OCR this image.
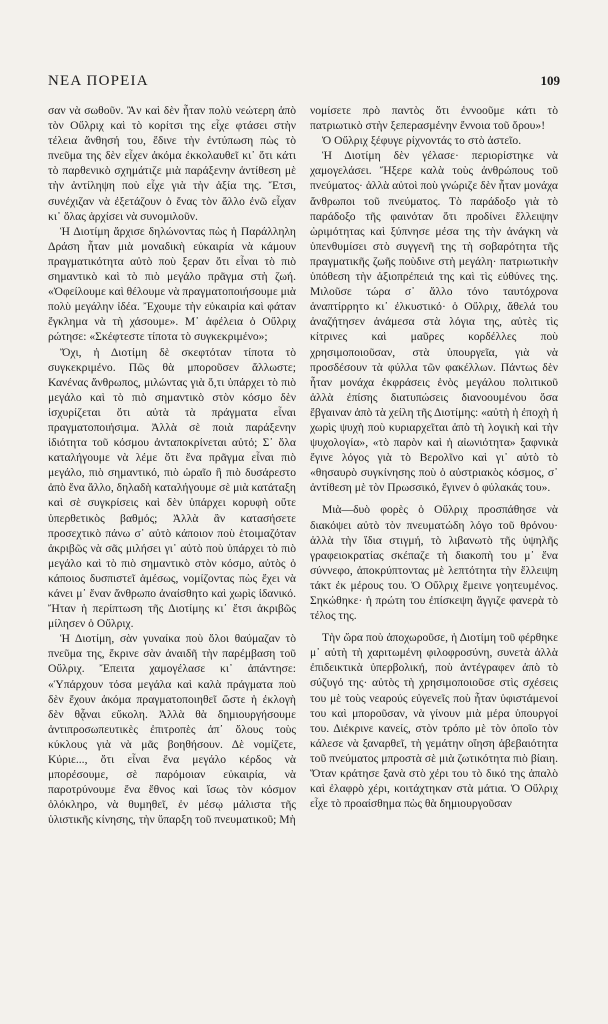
ΝΕΑ ΠΟΡΕΙΑ	109

σαν νὰ σωθοῦν. Ἂν καὶ δὲν ἦταν πολὺ νεώτερη ἀπὸ τὸν Οὔλριχ καὶ τὸ κορίτσι της εἶχε φτάσει στὴν τέλεια ἄνθησή του, ἔδινε τὴν ἐντύπωση πὼς τὸ πνεῦμα της δὲν εἶχεν ἀκόμα ἐκκολαυθεῖ κι᾿ ὅτι κάτι τὸ παρθενικὸ σχημάτιζε μιὰ παράξενην ἀντίθεση μὲ τὴν ἀντίληψη ποὺ εἶχε γιὰ τὴν ἀξία της. Ἔτσι, συνέχιζαν νὰ ἐξετάζουν ὁ ἕνας τὸν ἄλλο ἐνῶ εἶχαν κι᾿ ὅλας ἀρχίσει νὰ συνομιλοῦν.

Ἡ Διοτίμη ἄρχισε δηλώνοντας πὼς ἡ Παράλληλη Δράση ἦταν μιὰ μοναδικὴ εὐκαιρία νὰ κάμουν πραγματικότητα αὐτὸ ποὺ ξεραν ὅτι εἶναι τὸ πιὸ σημαντικὸ καὶ τὸ πιὸ μεγάλο πρᾶγμα στὴ ζωή. «Ὀφείλουμε καὶ θέλουμε νὰ πραγματοποιήσουμε μιὰ πολὺ μεγάλην ἰδέα. Ἔχουμε τὴν εὐκαιρία καὶ φάταν ἔγκλημα νὰ τὴ χάσουμε». Μ᾿ ἀφέλεια ὁ Οὔλριχ ρώτησε: «Σκέφτεστε τίποτα τὸ συγκεκριμένο»;

Ὄχι, ἡ Διοτίμη δὲ σκεφτόταν τίποτα τὸ συγκεκριμένο. Πῶς θὰ μποροῦσεν ἄλλωστε; Κανένας ἄνθρωπος, μιλώντας γιὰ ὅ,τι ὑπάρχει τὸ πιὸ μεγάλο καὶ τὸ πιὸ σημαντικὸ στὸν κόσμο δὲν ἰσχυρίζεται ὅτι αὐτὰ τὰ πράγματα εἶναι πραγματοποιήσιμα. Ἀλλὰ σὲ ποιὰ παράξενην ἰδιότητα τοῦ κόσμου ἀνταποκρίνεται αὐτό; Σ᾿ ὅλα καταλήγουμε νὰ λέμε ὅτι ἕνα πρᾶγμα εἶναι πιὸ μεγάλο, πιὸ σημαντικό, πιὸ ὡραῖο ἢ πιὸ δυσάρεστο ἀπὸ ἕνα ἄλλο, δηλαδὴ καταλήγουμε σὲ μιὰ κατάταξη καὶ σὲ συγκρίσεις καὶ δὲν ὑπάρχει κορυφὴ οὔτε ὑπερθετικὸς βαθμός; Ἀλλὰ ἂν κατασήσετε προσεχτικὸ πάνω σ᾿ αὐτὸ κάποιον ποὺ ἑτοιμαζόταν ἀκριβῶς νὰ σᾶς μιλήσει γι᾿ αὐτὸ ποὺ ὑπάρχει τὸ πιὸ μεγάλο καὶ τὸ πιὸ σημαντικὸ στὸν κόσμο, αὐτὸς ὁ κάποιος δυσπιστεῖ ἀμέσως, νομίζοντας πὼς ἔχει νὰ κάνει μ᾿ ἕναν ἄνθρωπο ἀναίσθητο καὶ χωρὶς ἰδανικό. Ἤταν ἡ περίπτωση τῆς Διοτίμης κι᾿ ἔτσι ἀκριβῶς μίλησεν ὁ Οὔλριχ.

Ἡ Διοτίμη, σὰν γυναίκα ποὺ ὅλοι θαύμαζαν τὸ πνεῦμα της, ἔκρινε σὰν ἀναιδῆ τὴν παρέμβαση τοῦ Οὔλριχ. Ἔπειτα χαμογέλασε κι᾿ ἀπάντησε: «Ὑπάρχουν τόσα μεγάλα καὶ καλὰ πράγματα ποὺ δὲν ἔχουν ἀκόμα πραγματοποιηθεῖ ὥστε ἡ ἐκλογὴ δὲν θᾆναι εὔκολη. Ἀλλὰ θὰ δημιουργήσουμε ἀντιπροσωπευτικὲς ἐπιτροπὲς ἀπ᾿ ὅλους τοὺς κύκλους γιὰ νὰ μᾶς βοηθήσουν. Δὲ νομίζετε, Κύριε..., ὅτι εἶναι ἕνα μεγάλο κέρδος νὰ μπορέσουμε, σὲ παρόμοιαν εὐκαιρία, νὰ παροτρύνουμε ἕνα ἔθνος καὶ ἴσως τὸν κόσμον ὁλόκληρο, νὰ θυμηθεῖ, ἐν μέσῳ μάλιστα τῆς ὑλιστικῆς κίνησης, τὴν ὕπαρξη τοῦ πνευματικοῦ; Μὴ

νομίσετε πρὸ παντὸς ὅτι ἐννοοῦμε κάτι τὸ πατριωτικὸ στὴν ξεπερασμένην ἔννοια τοῦ ὅρου»!

Ὁ Οὔλριχ ξέφυγε ρίχνοντάς το στὸ ἀστεῖο.

Ἡ Διοτίμη δὲν γέλασε· περιορίστηκε νὰ χαμογελάσει. Ἤξερε καλὰ τοὺς ἀνθρώπους τοῦ πνεύματος· ἀλλὰ αὐτοὶ ποὺ γνώριζε δὲν ἦταν μονάχα ἄνθρωποι τοῦ πνεύματος. Τὸ παράδοξο γιὰ τὸ παράδοξο τῆς φαινόταν ὅτι προδίνει ἔλλειψην ὡριμότητας καὶ ξύπνησε μέσα της τὴν ἀνάγκη νὰ ὑπενθυμίσει στὸ συγγενῆ της τὴ σοβαρότητα τῆς πραγματικῆς ζωῆς ποὺδινε στὴ μεγάλη· πατριωτικὴν ὑπόθεση τὴν ἀξιοπρέπειά της καὶ τὶς εὐθύνες της. Μιλοῦσε τώρα σ᾿ ἄλλο τόνο ταυτόχρονα ἀναπτίρρητο κι᾿ ἐλκυστικό· ὁ Οὔλριχ, ἄθελά του ἀναζήτησεν ἀνάμεσα στὰ λόγια της, αὐτὲς τὶς κίτρινες καὶ μαῦρες κορδέλλες ποὺ χρησιμοποιοῦσαν, στὰ ὑπουργεῖα, γιὰ νὰ προσδέσουν τὰ φύλλα τῶν φακέλλων. Πάντως δὲν ἦταν μονάχα ἐκφράσεις ἑνὸς μεγάλου πολιτικοῦ ἀλλὰ ἐπίσης διατυπώσεις διανοουμένου ὅσα ἔβγαιναν ἀπὸ τὰ χείλη τῆς Διοτίμης: «αὐτὴ ἡ ἐποχὴ ἡ χωρὶς ψυχὴ ποὺ κυριαρχεῖται ἀπὸ τὴ λογικὴ καὶ τὴν ψυχολογία», «τὸ παρὸν καὶ ἡ αἰωνιότητα» ξαφνικὰ ἔγινε λόγος γιὰ τὸ Βερολῖνο καὶ γι᾿ αὐτὸ τὸ «θησαυρὸ συγκίνησης ποὺ ὁ αὐστριακὸς κόσμος, σ᾿ ἀντίθεση μὲ τὸν Πρωσσικό, ἔγινεν ὁ φύλακάς του».

Μιὰ—δυὸ φορὲς ὁ Οὔλριχ προσπάθησε νὰ διακόψει αὐτὸ τὸν πνευματώδη λόγο τοῦ θρόνου· ἀλλὰ τὴν ἴδια στιγμή, τὸ λιβανωτὸ τῆς ὑψηλῆς γραφειοκρατίας σκέπαζε τὴ διακοπὴ του μ᾿ ἕνα σύννεφο, ἀποκρύπτοντας μὲ λεπτότητα τὴν ἔλλειψη τάκτ ἐκ μέρους του. Ὁ Οὔλριχ ἔμεινε γοητευμένος. Σηκώθηκε· ἡ πρώτη του ἐπίσκεψη ἄγγιζε φανερὰ τὸ τέλος της.

Τὴν ὥρα ποὺ ἀποχωροῦσε, ἡ Διοτίμη τοῦ φέρθηκε μ᾿ αὐτὴ τὴ χαριτωμένη φιλοφροσύνη, συνετὰ ἀλλὰ ἐπιδεικτικὰ ὑπερβολική, ποὺ ἀντέγραφεν ἀπὸ τὸ σύζυγό της· αὐτὸς τὴ χρησιμοποιοῦσε στὶς σχέσεις του μὲ τοὺς νεαρούς εὐγενεῖς ποὺ ἦταν ὑφιστάμενοί του καὶ μποροῦσαν, νὰ γίνουν μιὰ μέρα ὑπουργοί του. Διέκρινε κανείς, στὸν τρόπο μὲ τὸν ὁποῖο τὸν κάλεσε νὰ ξαναρθεῖ, τὴ γεμάτην οἴηση ἀβεβαιότητα τοῦ πνεύματος μπροστὰ σὲ μιὰ ζωτικότητα πιὸ βίαιη. Ὅταν κράτησε ξανὰ στὸ χέρι του τὸ δικό της ἁπαλὸ καὶ ἐλαφρὸ χέρι, κοιτάχτηκαν στὰ μάτια. Ὁ Οὔλριχ εἶχε τὸ προαίσθημα πὼς θὰ δημιουργοῦσαν
